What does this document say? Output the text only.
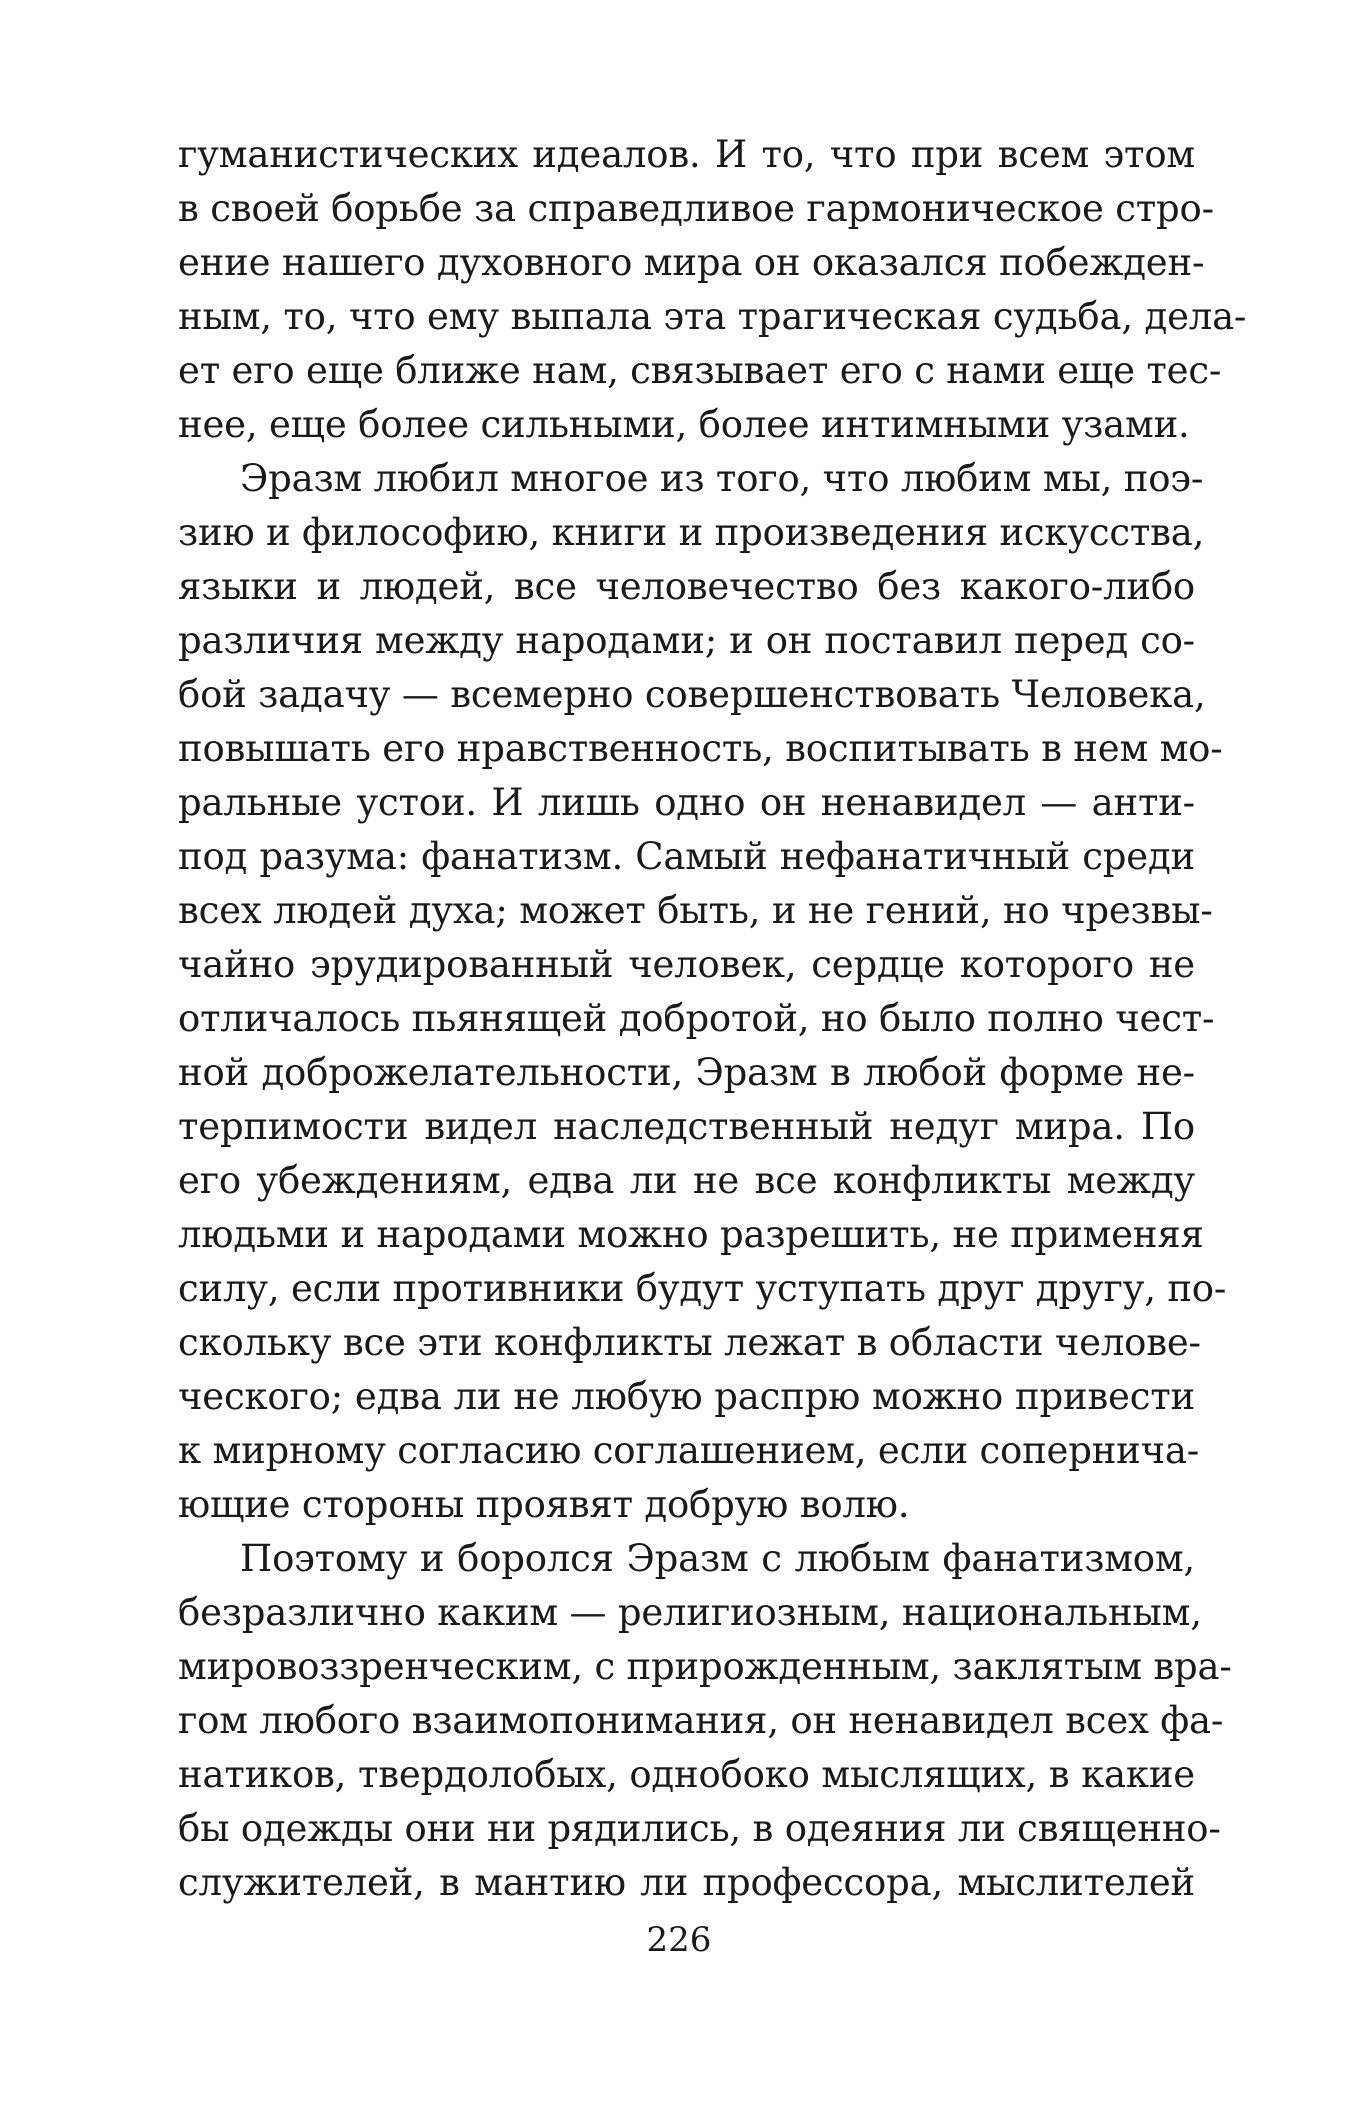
гуманистических идеалов. И то, что при всем этом
в своей борьбе за справедливое гармоническое стро-
ение нашего духовного мира он оказался побежден-
ным, то, что ему выпала эта трагическая судьба, дела-
ет его еще ближе нам, связывает его с нами еще тес-
нее, еще более сильными, более интимными узами.
Эразм любил многое из того, что любим мы, поэ-
зию и философию, книги и произведения искусства,
языки и людей, все человечество без какого-либо
различия между народами; и он поставил перед со-
бой задачу — всемерно совершенствовать Человека,
повышать его нравственность, воспитывать в нем мо-
ральные устои. И лишь одно он ненавидел — анти-
под разума: фанатизм. Самый нефанатичный среди
всех людей духа; может быть, и не гений, но чрезвы-
чайно эрудированный человек, сердце которого не
отличалось пьянящей добротой, но было полно чест-
ной доброжелательности, Эразм в любой форме не-
терпимости видел наследственный недуг мира. По
его убеждениям, едва ли не все конфликты между
людьми и народами можно разрешить, не применяя
силу, если противники будут уступать друг другу, по-
скольку все эти конфликты лежат в области челове-
ческого; едва ли не любую распрю можно привести
к мирному согласию соглашением, если сопернича-
ющие стороны проявят добрую волю.
Поэтому и боролся Эразм с любым фанатизмом,
безразлично каким — религиозным, национальным,
мировоззренческим, с прирожденным, заклятым вра-
гом любого взаимопонимания, он ненавидел всех фа-
натиков, твердолобых, однобоко мыслящих, в какие
бы одежды они ни рядились, в одеяния ли священно-
служителей, в мантию ли профессора, мыслителей
226
